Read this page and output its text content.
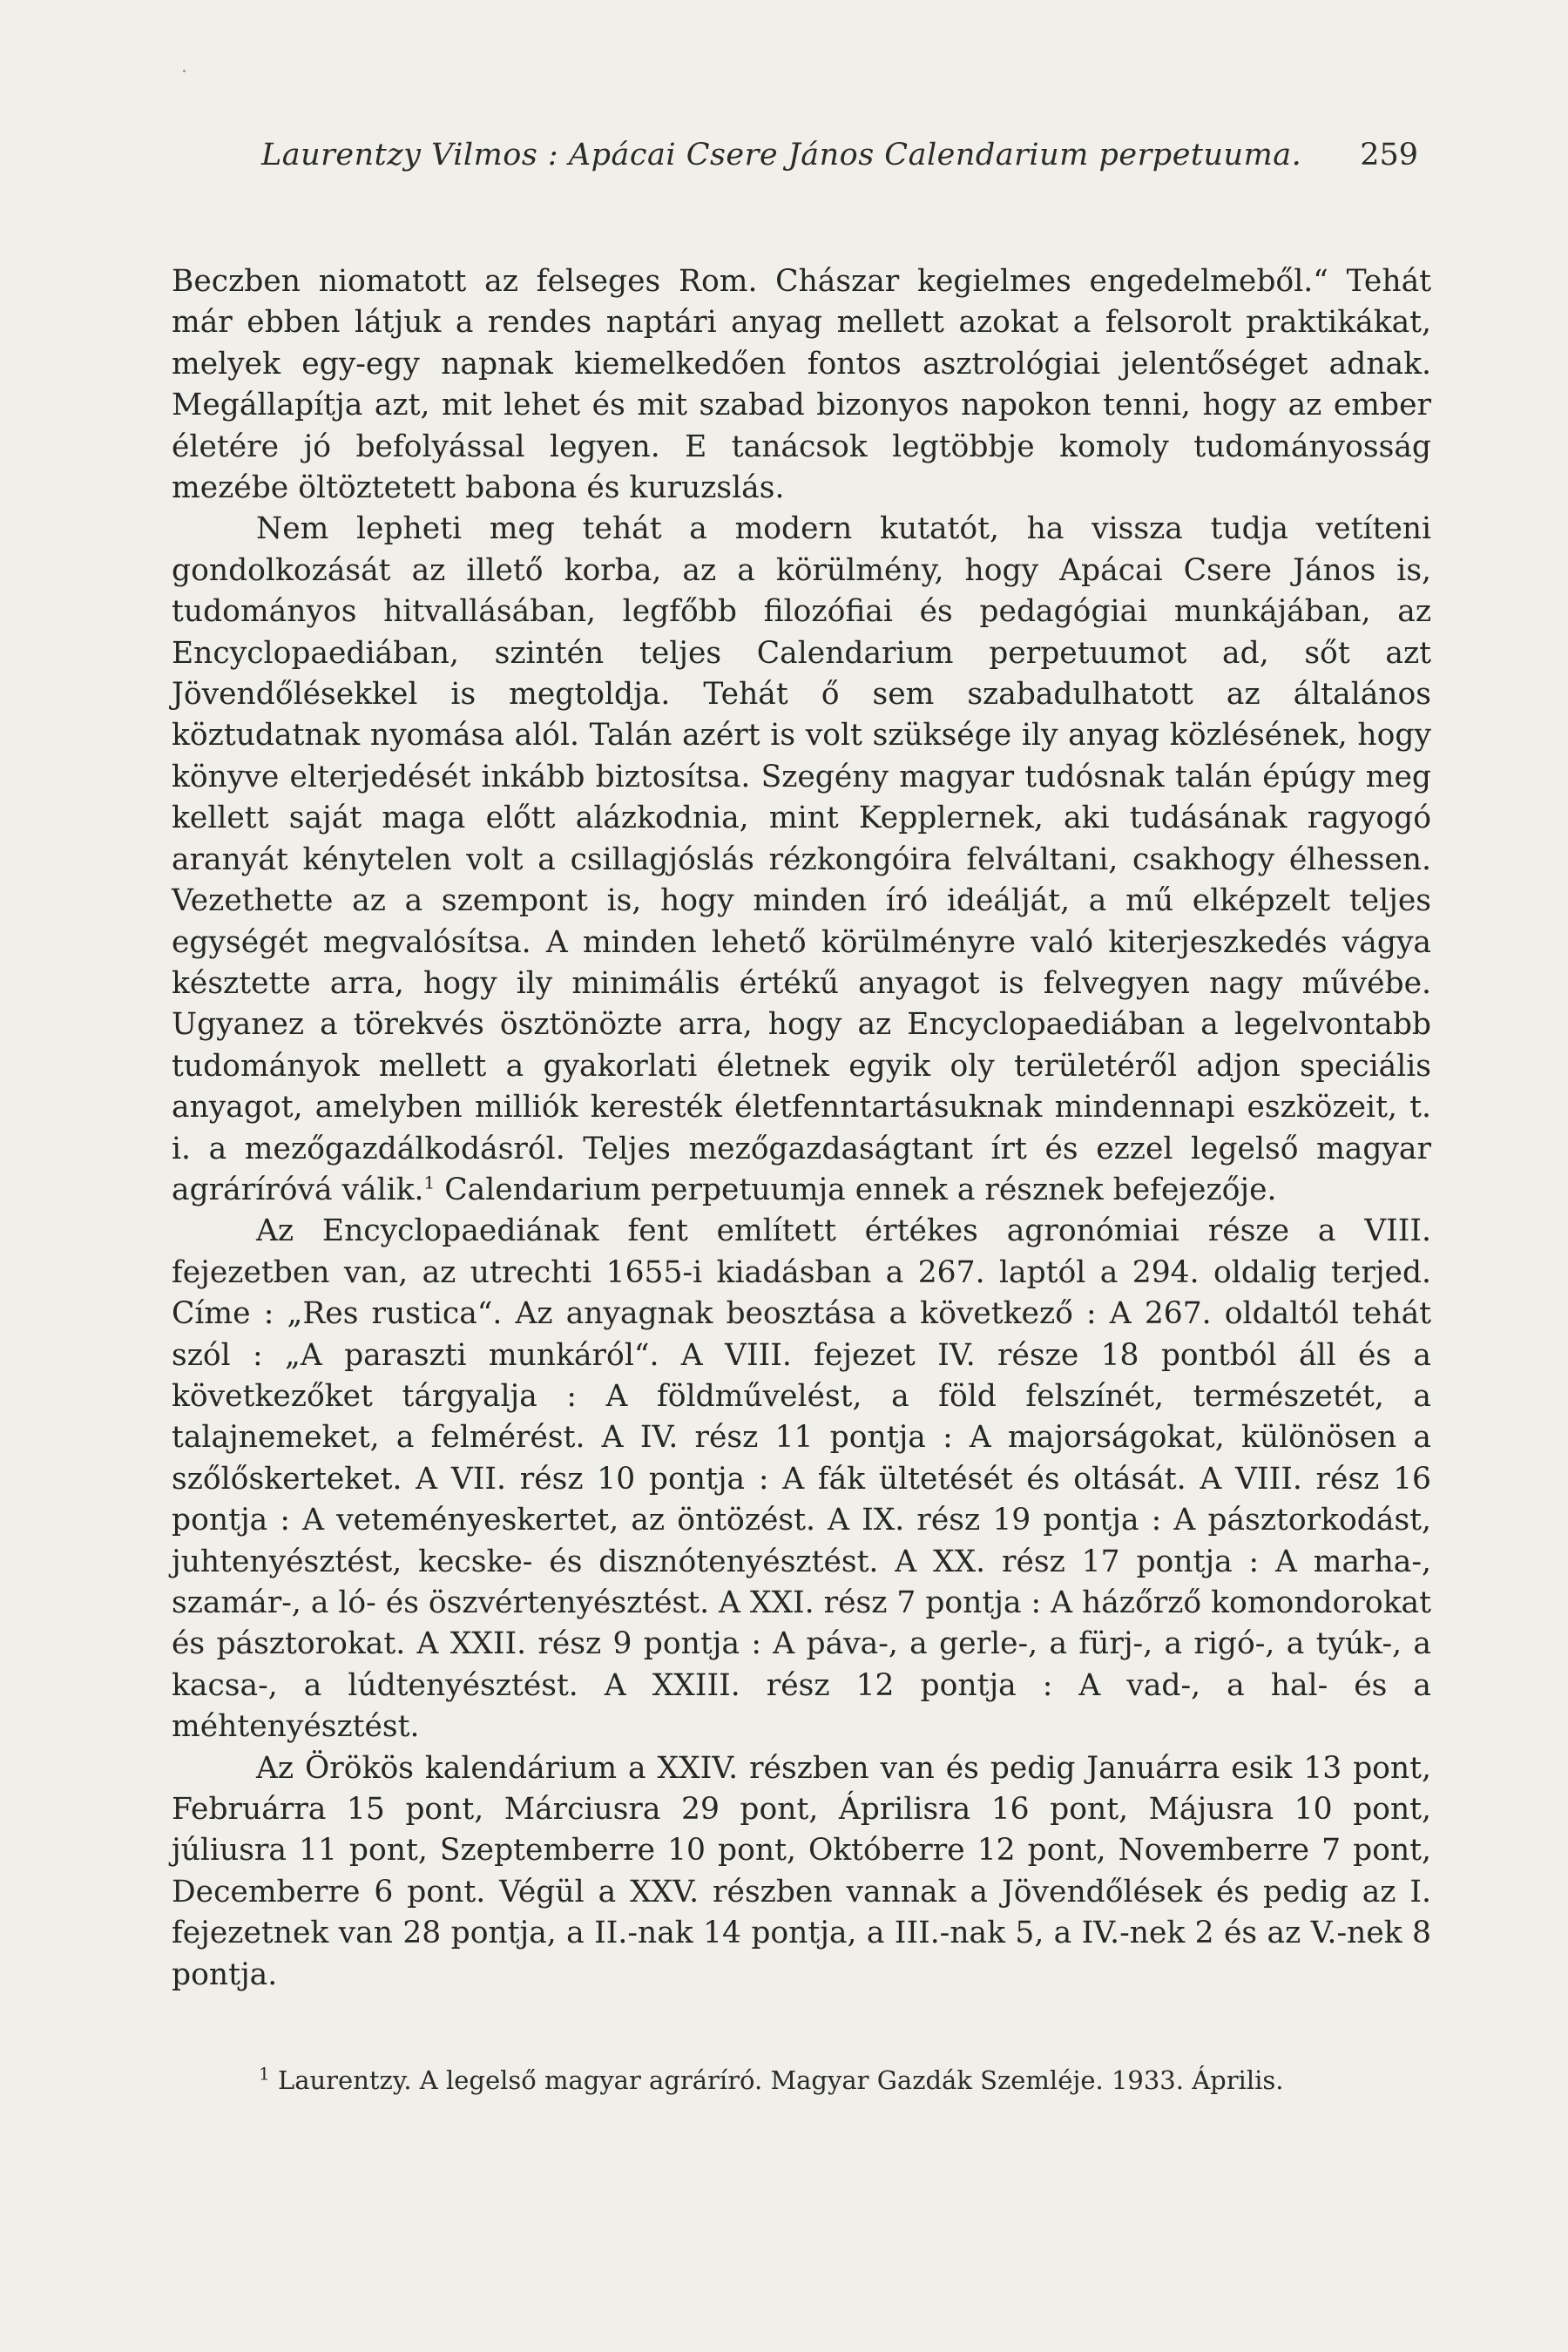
Laurentzy Vilmos : Apácai Csere János Calendarium perpetuuma. 259

Beczben niomatott az felseges Rom. Chászar kegielmes engedelmeből.“ Tehát már ebben látjuk a rendes naptári anyag mellett azokat a felsorolt praktikákat, melyek egy-egy napnak kiemelkedően fontos asztrológiai jelentőséget adnak. Megállapítja azt, mit lehet és mit szabad bizonyos napokon tenni, hogy az ember életére jó befolyással legyen. E tanácsok legtöbbje komoly tudományosság mezébe öltöztetett babona és kuruzslás.

Nem lepheti meg tehát a modern kutatót, ha vissza tudja vetíteni gondolkozását az illető korba, az a körülmény, hogy Apácai Csere János is, tudományos hitvallásában, legfőbb filozófiai és pedagógiai munkájában, az Encyclopaediában, szintén teljes Calendarium perpetuumot ad, sőt azt Jövendőlésekkel is megtoldja. Tehát ő sem szabadulhatott az általános köztudatnak nyomása alól. Talán azért is volt szüksége ily anyag közlésének, hogy könyve elterjedését inkább biztosítsa. Szegény magyar tudósnak talán épúgy meg kellett saját maga előtt alázkodnia, mint Kepplernek, aki tudásának ragyogó aranyát kénytelen volt a csillagjóslás rézkongóira felváltani, csakhogy élhessen. Vezethette az a szempont is, hogy minden író ideálját, a mű elképzelt teljes egységét megvalósítsa. A minden lehető körülményre való kiterjeszkedés vágya késztette arra, hogy ily minimális értékű anyagot is felvegyen nagy művébe. Ugyanez a törekvés ösztönözte arra, hogy az Encyclopaediában a legelvontabb tudományok mellett a gyakorlati életnek egyik oly területéről adjon speciális anyagot, amelyben milliók keresték életfenntartásuknak mindennapi eszközeit, t. i. a mezőgazdálkodásról. Teljes mezőgazdaságtant írt és ezzel legelső magyar agráríróvá válik.$^1$ Calendarium perpetuumja ennek a résznek befejezője.

Az Encyclopaediának fent említett értékes agronómiai része a VIII. fejezetben van, az utrechti 1655-i kiadásban a 267. laptól a 294. oldalig terjed. Címe : „Res rustica“. Az anyagnak beosztása a következő : A 267. oldaltól tehát szól : „A paraszti munkáról“. A VIII. fejezet IV. része 18 pontból áll és a következőket tárgyalja : A földművelést, a föld felszínét, természetét, a talajnemeket, a felmérést. A IV. rész 11 pontja : A majorságokat, különösen a szőlőskerteket. A VII. rész 10 pontja : A fák ültetését és oltását. A VIII. rész 16 pontja : A veteményeskertet, az öntözést. A IX. rész 19 pontja : A pásztorkodást, juhtenyésztést, kecske- és disznótenyésztést. A XX. rész 17 pontja : A marha-, szamár-, a ló- és öszvértenyésztést. A XXI. rész 7 pontja : A házőrző komondorokat és pásztorokat. A XXII. rész 9 pontja : A páva-, a gerle-, a fürj-, a rigó-, a tyúk-, a kacsa-, a lúdtenyésztést. A XXIII. rész 12 pontja : A vad-, a hal- és a méhtenyésztést.

Az Örökös kalendárium a XXIV. részben van és pedig Januárra esik 13 pont, Februárra 15 pont, Márciusra 29 pont, Áprilisra 16 pont, Májusra 10 pont, júliusra 11 pont, Szeptemberre 10 pont, Októberre 12 pont, Novemberre 7 pont, Decemberre 6 pont. Végül a XXV. részben vannak a Jövendőlések és pedig az I. fejezetnek van 28 pontja, a II.-nak 14 pontja, a III.-nak 5, a IV.-nek 2 és az V.-nek 8 pontja.

$^1$ Laurentzy. A legelső magyar agráríró. Magyar Gazdák Szemléje. 1933. Április.
